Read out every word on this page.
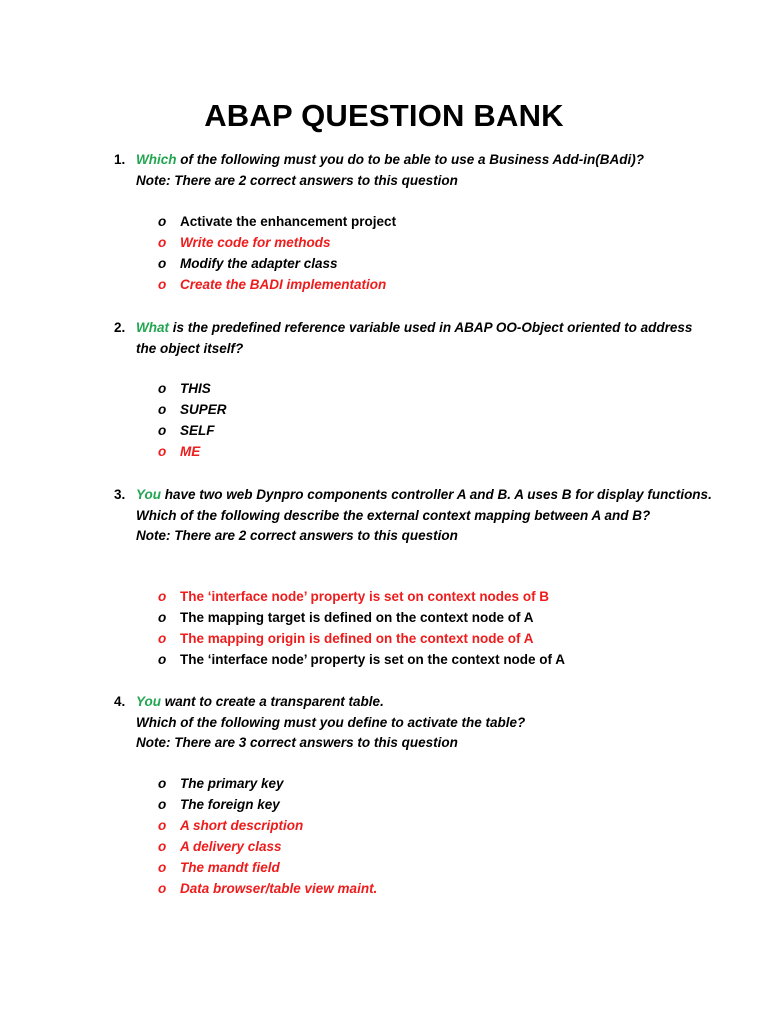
ABAP QUESTION BANK
1. Which of the following must you do to be able to use a Business Add-in(BAdi)?
Note: There are 2 correct answers to this question
o Activate the enhancement project
o Write code for methods
o Modify the adapter class
o Create the BADI implementation
2. What is the predefined reference variable used in ABAP OO-Object oriented to address the object itself?
o THIS
o SUPER
o SELF
o ME
3. You have two web Dynpro components controller A and B. A uses B for display functions.
Which of the following describe the external context mapping between A and B?
Note: There are 2 correct answers to this question
o The ‘interface node’ property is set on context nodes of B
o The mapping target is defined on the context node of A
o The mapping origin is defined on the context node of A
o The ‘interface node’ property is set on the context node of A
4. You want to create a transparent table.
Which of the following must you define to activate the table?
Note: There are 3 correct answers to this question
o The primary key
o The foreign key
o A short description
o A delivery class
o The mandt field
o Data browser/table view maint.
